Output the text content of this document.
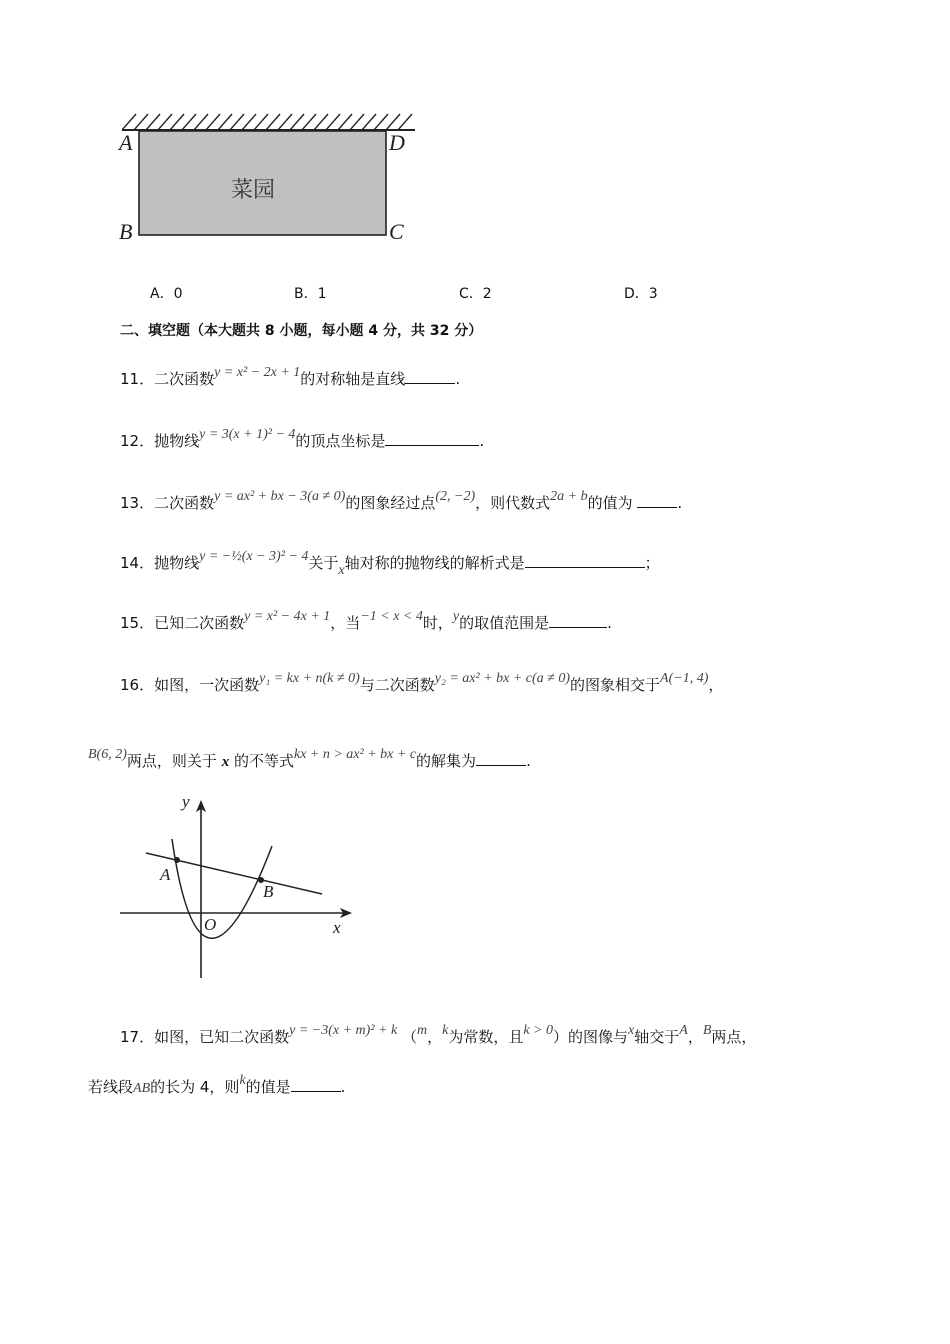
菜园
A	D
B	C
A．0	B．1	C．2	D．3
二、填空题（本大题共 8 小题，每小题 4 分，共 32 分）
11．二次函数y = x² − 2x + 1的对称轴是直线	.
12．抛物线y = 3(x + 1)² − 4的顶点坐标是	.
13．二次函数y = ax² + bx − 3(a ≠ 0)的图象经过点(2, −2)，则代数式2a + b的值为	.
14．抛物线y = −½(x − 3)² − 4关于x轴对称的抛物线的解析式是	；
15．已知二次函数y = x² − 4x + 1，当−1 < x < 4时，y的取值范围是	.
16．如图，一次函数y₁ = kx + n(k ≠ 0)与二次函数y₂ = ax² + bx + c(a ≠ 0)的图象相交于A(−1, 4)，
B(6, 2)两点，则关于 x 的不等式kx + n > ax² + bx + c的解集为	.
y
x
O
A
B
17．如图，已知二次函数y = −3(x + m)² + k （m，k为常数，且k > 0）的图像与x轴交于A，B两点，
若线段AB的长为 4，则k的值是	.
